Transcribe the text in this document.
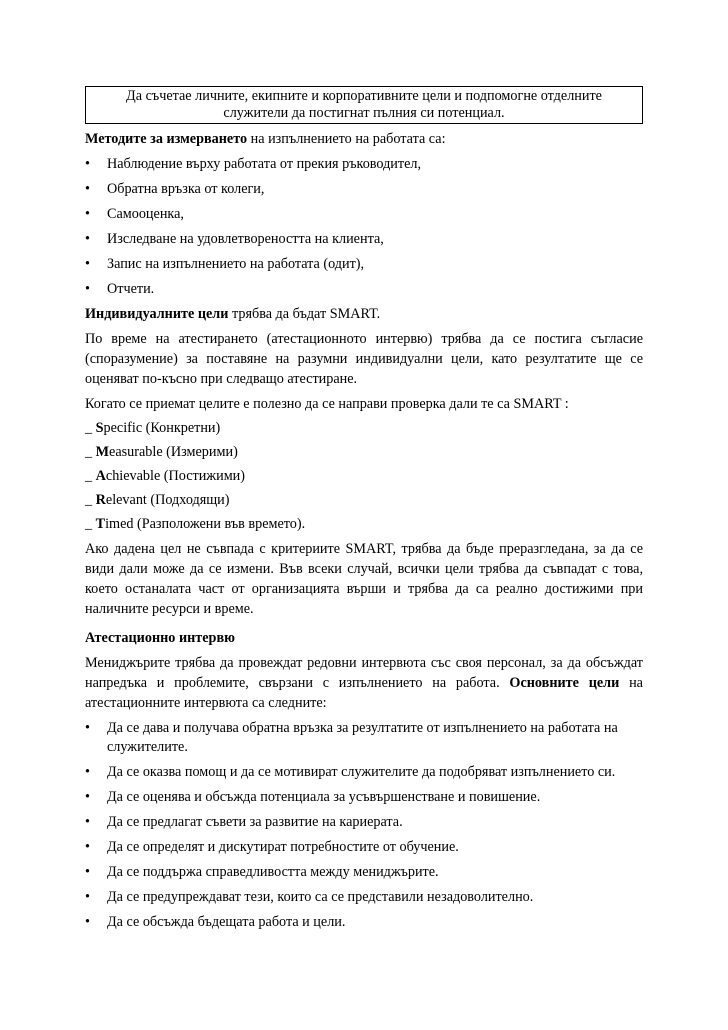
Да съчетае личните, екипните и корпоративните цели и подпомогне отделните
служители да постигнат пълния си потенциал.

Методите за измерването на изпълнението на работата са:

• Наблюдение върху работата от прекия ръководител,
• Обратна връзка от колеги,
• Самооценка,
• Изследване на удовлетвореността на клиента,
• Запис на изпълнението на работата (одит),
• Отчети.

Индивидуалните цели трябва да бъдат SMART.

По време на атестирането (атестационното интервю) трябва да се постига съгласие (споразумение) за поставяне на разумни индивидуални цели, като резултатите ще се оценяват по-късно при следващо атестиране.

Когато се приемат целите е полезно да се направи проверка дали те са SMART :

_ Specific (Конкретни)

_ Measurable (Измерими)

_ Achievable (Постижими)

_ Relevant (Подходящи)

_ Timed (Разположени във времето).

Ако дадена цел не съвпада с критериите SMART, трябва да бъде преразгледана, за да се види дали може да се измени. Във всеки случай, всички цели трябва да съвпадат с това, което останалата част от организацията върши и трябва да са реално достижими при наличните ресурси и време.

Атестационно интервю

Мениджърите трябва да провеждат редовни интервюта със своя персонал, за да обсъждат напредъка и проблемите, свързани с изпълнението на работа. Основните цели на атестационните интервюта са следните:

• Да се дава и получава обратна връзка за резултатите от изпълнението на работата на служителите.
• Да се оказва помощ и да се мотивират служителите да подобряват изпълнението си.
• Да се оценява и обсъжда потенциала за усъвършенстване и повишение.
• Да се предлагат съвети за развитие на кариерата.
• Да се определят и дискутират потребностите от обучение.
• Да се поддържа справедливостта между мениджърите.
• Да се предупреждават тези, които са се представили незадоволително.
• Да се обсъжда бъдещата работа и цели.
